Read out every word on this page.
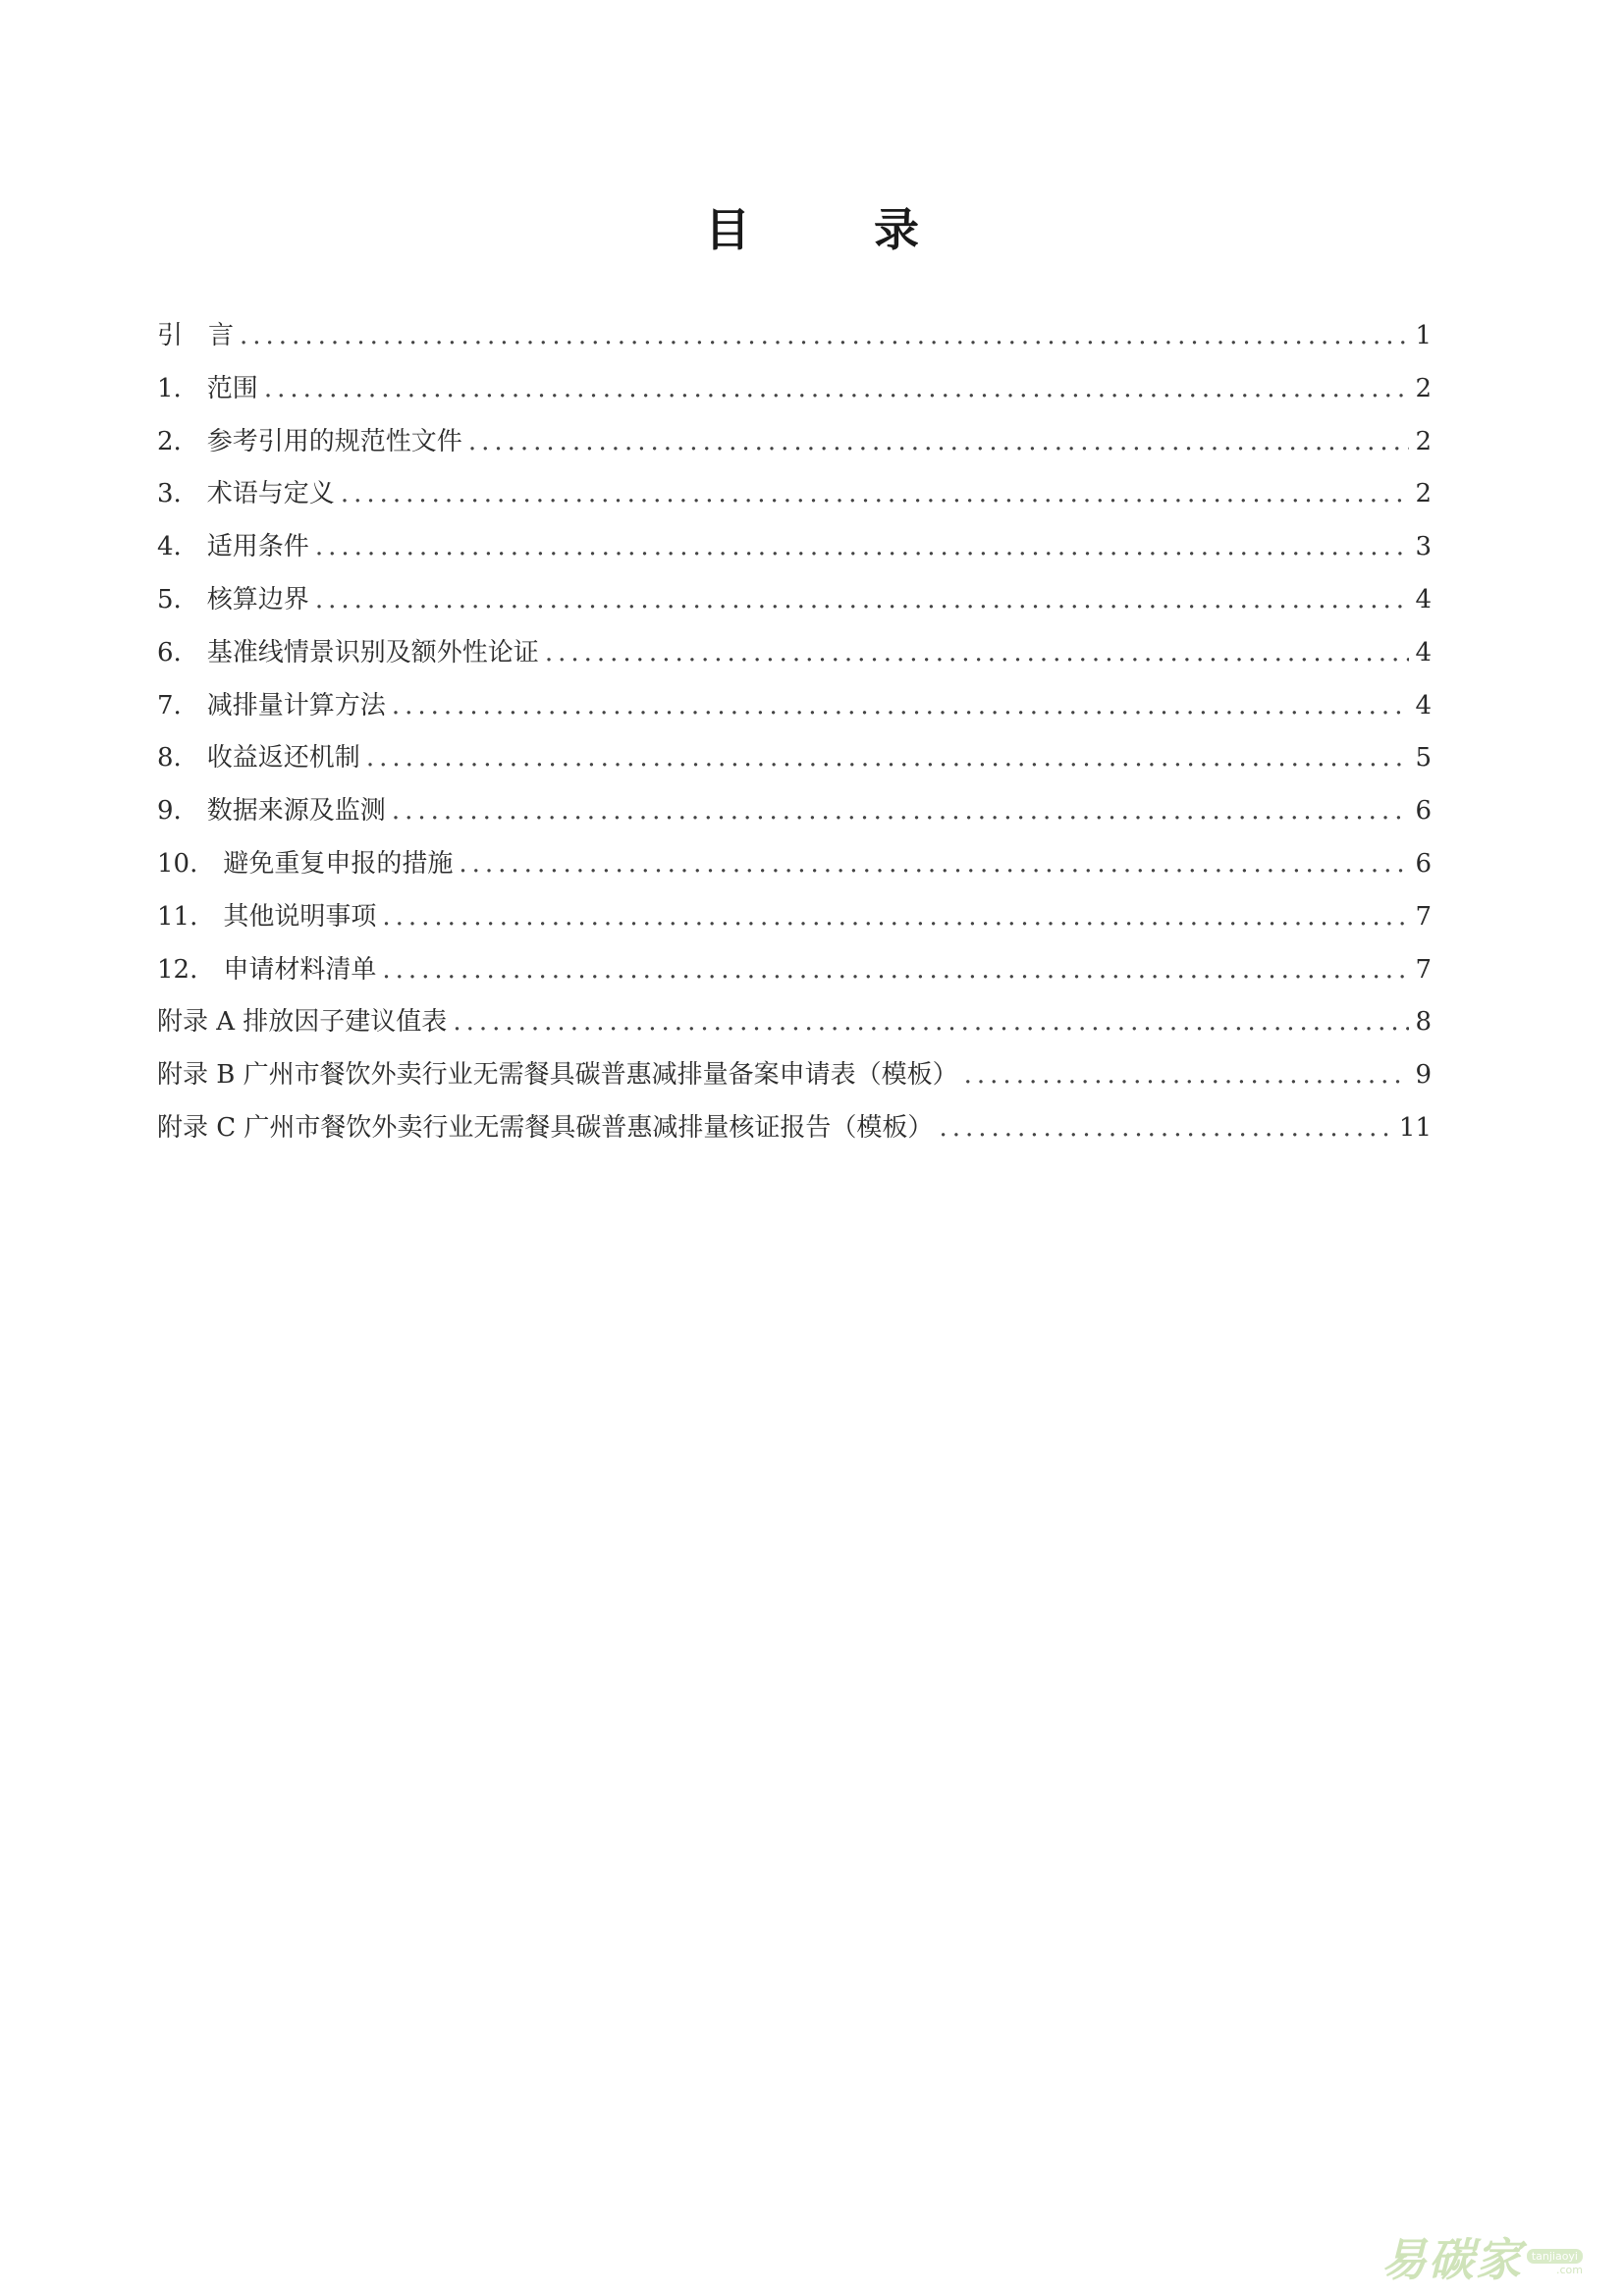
目　录
引　言 .....	1
1.　范围 .....	2
2.　参考引用的规范性文件 .....	2
3.　术语与定义 .....	2
4.　适用条件 .....	3
5.　核算边界 .....	4
6.　基准线情景识别及额外性论证 .....	4
7.　减排量计算方法 .....	4
8.　收益返还机制 .....	5
9.　数据来源及监测 .....	6
10.　避免重复申报的措施 .....	6
11.　其他说明事项 .....	7
12.　申请材料清单 .....	7
附录 A 排放因子建议值表 .....	8
附录 B 广州市餐饮外卖行业无需餐具碳普惠减排量备案申请表（模板） .....	9
附录 C 广州市餐饮外卖行业无需餐具碳普惠减排量核证报告（模板） .....	11
易碳家 tanjiaoyi
.com
